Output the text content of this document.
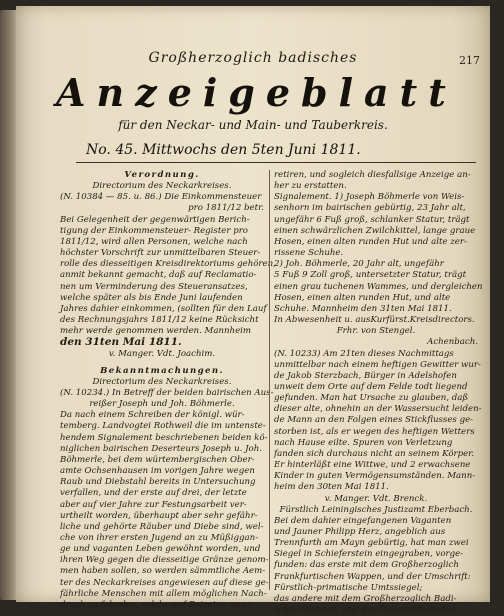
217
Großherzoglich badisches
Anzeigeblatt
für den Neckar- und Main- und Tauberkreis.
No. 45. Mittwochs den 5ten Juni 1811.
Verordnung.
Directorium des Neckarkreises.
(N. 10384 — 85. u. 86.) Die Einkommensteuer
pro 1811/12 betr.
Bei Gelegenheit der gegenwärtigen Berich-
tigung der Einkommensteuer- Register pro
1811/12, wird allen Personen, welche nach
höchster Vorschrift zur unmittelbaren Steuer-
rolle des diesseitigen Kreisdirektoriums gehören,
anmit bekannt gemacht, daß auf Reclamatio-
nen um Verminderung des Steueransatzes,
welche später als bis Ende Juni laufenden
Jahres dahier einkommen, (sollten für den Lauf
des Rechnungsjahrs 1811/12 keine Rücksicht
mehr werde genommen werden. Mannheim
den 31ten Mai 1811.
v. Manger. Vdt. Joachim.
Bekanntmachungen.
Directorium des Neckarkreises.
(N. 10234.) In Betreff der beiden bairischen Aus-
reißer Joseph und Joh. Böhmerle.
Da nach einem Schreiben der königl. wür-
temberg. Landvogtei Rothweil die im untenste-
hendem Signalement beschriebenen beiden kö-
niglichen bairischen Deserteurs Joseph u. Joh.
Böhmerle, bei dem würtembergischen Ober-
amte Ochsenhausen im vorigen Jahre wegen
Raub und Diebstahl bereits in Untersuchung
verfallen, und der erste auf drei, der letzte
aber auf vier Jahre zur Festungsarbeit ver-
urtheilt worden, überhaupt aber sehr gefähr-
liche und gehörte Räuber und Diebe sind, wel-
che von ihrer ersten Jugend an zu Müßiggan-
ge und vaganten Leben gewöhnt worden, und
ihren Weg gegen die diesseitige Gränze genom-
men haben sollen, so werden sämmtliche Aem-
ter des Neckarkreises angewiesen auf diese ge-
fährliche Menschen mit allem möglichen Nach-
druck zu fahnden, solche auf Betreten zu ar-
retiren, und sogleich diesfallsige Anzeige an-
her zu erstatten.
Signalement. 1) Joseph Böhmerle von Weis-
senhorn im bairischen gebürtig, 23 Jahr alt,
ungefähr 6 Fuß groß, schlanker Statur, trägt
einen schwärzlichen Zwilchkittel, lange graue
Hosen, einen alten runden Hut und alte zer-
rissene Schuhe.
2) Joh. Böhmerle, 20 Jahr alt, ungefähr
5 Fuß 9 Zoll groß, untersetzter Statur, trägt
einen grau tuchenen Wammes, und dergleichen
Hosen, einen alten runden Hut, und alte
Schuhe. Mannheim den 31ten Mai 1811.
In Abwesenheit u. ausKurfürst.Kreisdirectors.
Frhr. von Stengel.
Achenbach.
(N. 10233) Am 21ten dieses Nachmittags
unmittelbar nach einem heftigen Gewitter wur-
de Jakob Sterzbach, Bürger in Adelshofen
unweit dem Orte auf dem Felde todt liegend
gefunden. Man hat Ursache zu glauben, daß
dieser alte, ohnehin an der Wassersucht leiden-
de Mann an den Folgen eines Stickflusses ge-
storben ist, als er wegen des heftigen Wetters
nach Hause eilte. Spuren von Verletzung
fanden sich durchaus nicht an seinem Körper.
Er hinterläßt eine Wittwe, und 2 erwachsene
Kinder in guten Vermögensumständen. Mann-
heim den 30ten Mai 1811.
v. Manger. Vdt. Brenck.
Fürstlich Leiningisches Justizamt Eberbach.
Bei dem dahier eingefangenen Vaganten
und Jauner Philipp Herz, angeblich aus
Trennfurth am Mayn gebürtig, hat man zwei
Siegel in Schieferstein eingegraben, vorge-
funden: das erste mit dem Großherzoglich
Frankfurtischen Wappen, und der Umschrift:
Fürstlich-primatische Umtssiegel;
das andere mit dem Großherzoglich Badi-
schen Wappen, und der Umschrift: Baden-
